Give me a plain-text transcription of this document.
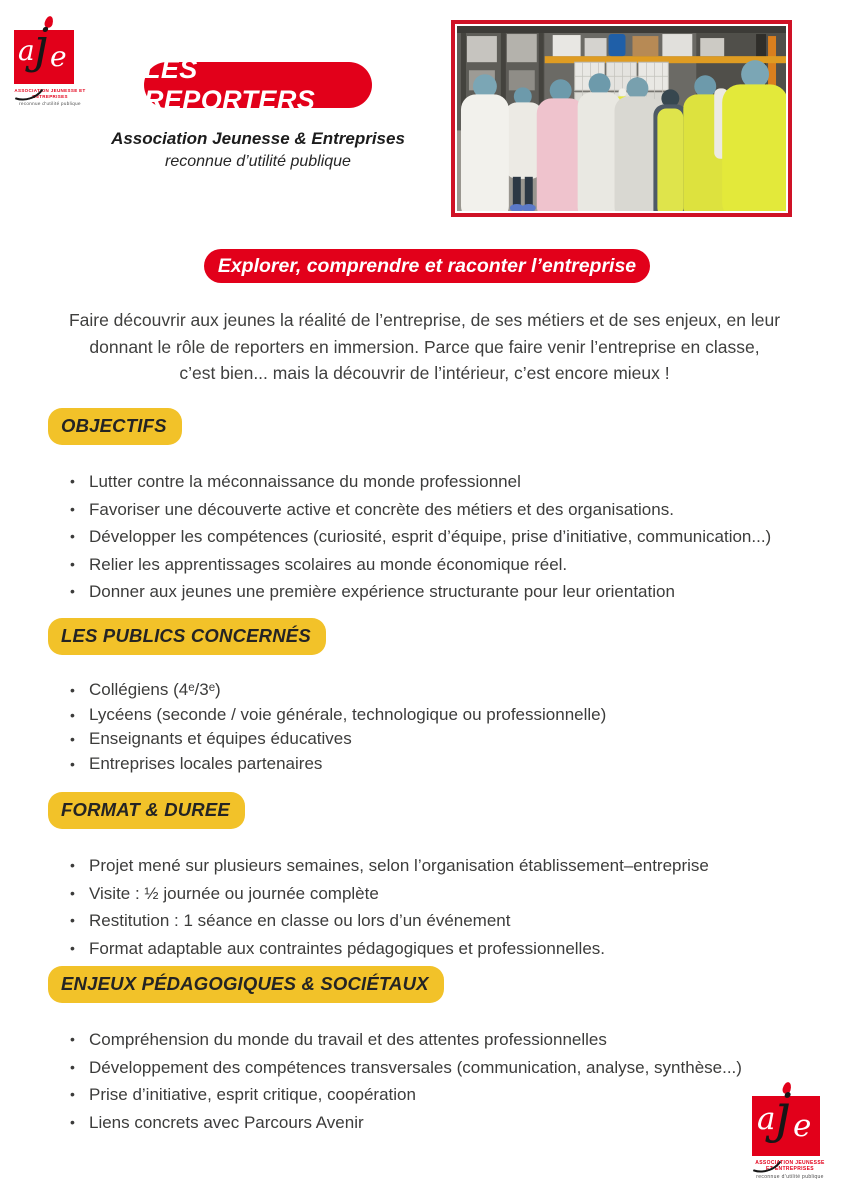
a j e
ASSOCIATION JEUNESSE ET ENTREPRISES
reconnue d’utilité publique
LES REPORTERS
Association Jeunesse & Entreprises
reconnue d’utilité publique
Explorer, comprendre et raconter l’entreprise
Faire découvrir aux jeunes la réalité de l’entreprise, de ses métiers et de ses enjeux, en leur
donnant le rôle de reporters en immersion. Parce que faire venir l’entreprise en classe,
c’est bien... mais la découvrir de l’intérieur, c’est encore mieux !
OBJECTIFS
• Lutter contre la méconnaissance du monde professionnel
• Favoriser une découverte active et concrète des métiers et des organisations.
• Développer les compétences (curiosité, esprit d’équipe, prise d’initiative, communication...)
• Relier les apprentissages scolaires au monde économique réel.
• Donner aux jeunes une première expérience structurante pour leur orientation
LES PUBLICS CONCERNÉS
• Collégiens (4ᵉ/3ᵉ)
• Lycéens (seconde / voie générale, technologique ou professionnelle)
• Enseignants et équipes éducatives
• Entreprises locales partenaires
FORMAT & DUREE
• Projet mené sur plusieurs semaines, selon l’organisation établissement–entreprise
• Visite : ½ journée ou journée complète
• Restitution : 1 séance en classe ou lors d’un événement
• Format adaptable aux contraintes pédagogiques et professionnelles.
ENJEUX PÉDAGOGIQUES & SOCIÉTAUX
• Compréhension du monde du travail et des attentes professionnelles
• Développement des compétences transversales (communication, analyse, synthèse...)
• Prise d’initiative, esprit critique, coopération
• Liens concrets avec Parcours Avenir	a j e
ASSOCIATION JEUNESSE ET ENTREPRISES
reconnue d’utilité publique
